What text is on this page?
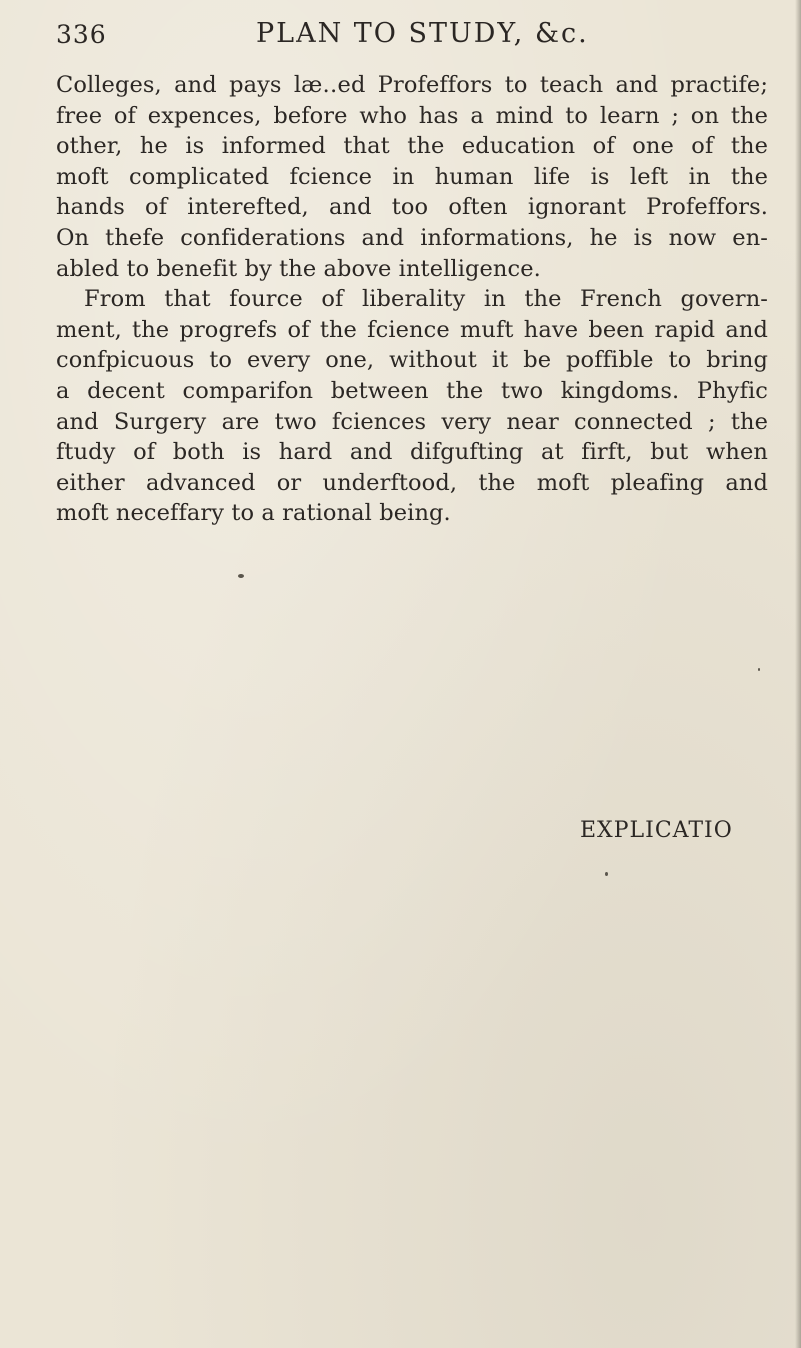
336	PLAN TO STUDY, &c.
Colleges, and pays læ‥ed Profeffors to teach and practife;
free of expences, before who has a mind to learn ; on the
other, he is informed that the education of one of the
moft complicated fcience in human life is left in the
hands of interefted, and too often ignorant Profeffors.
On thefe confiderations and informations, he is now en-
abled to benefit by the above intelligence.
From that fource of liberality in the French govern-
ment, the progrefs of the fcience muft have been rapid and
confpicuous to every one, without it be poffible to bring
a decent comparifon between the two kingdoms. Phyfic
and Surgery are two fciences very near connected ; the
ftudy of both is hard and difgufting at firft, but when
either advanced or underftood, the moft pleafing and
moft neceffary to a rational being.
EXPLICATIO
